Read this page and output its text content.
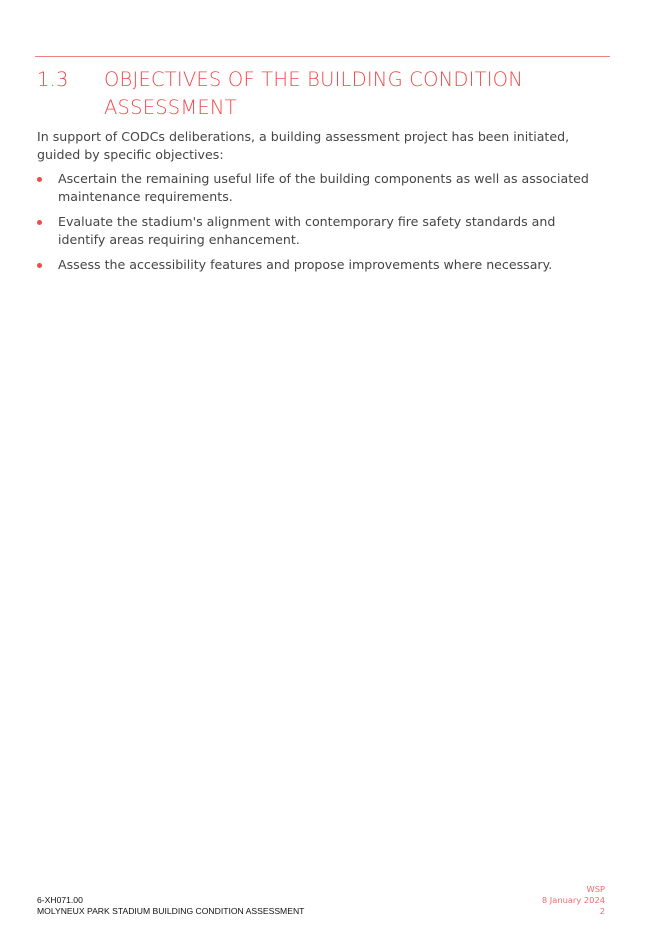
1.3 OBJECTIVES OF THE BUILDING CONDITION ASSESSMENT

In support of CODCs deliberations, a building assessment project has been initiated, guided by specific objectives:

Ascertain the remaining useful life of the building components as well as associated maintenance requirements.
Evaluate the stadium's alignment with contemporary fire safety standards and identify areas requiring enhancement.
Assess the accessibility features and propose improvements where necessary.
6-XH071.00
MOLYNEUX PARK STADIUM BUILDING CONDITION ASSESSMENT
WSP
8 January 2024
2
